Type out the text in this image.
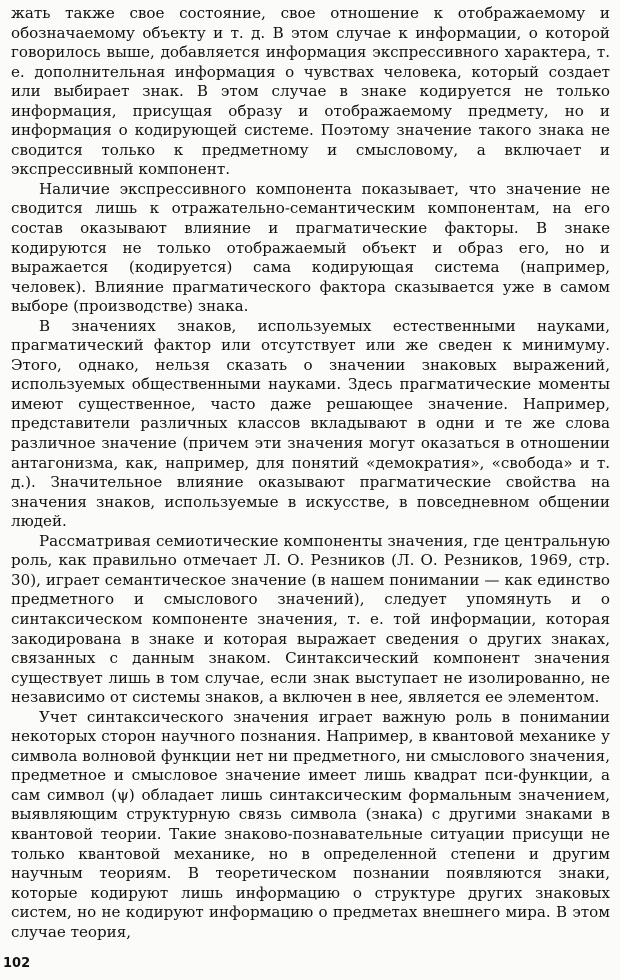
жать также свое состояние, свое отношение к отображаемому и обозначаемому объекту и т. д. В этом случае к информации, о которой говорилось выше, добавляется информация экспрессивного характера, т. е. дополнительная информация о чувствах человека, который создает или выбирает знак. В этом случае в знаке кодируется не только информация, присущая образу и отображаемому предмету, но и информация о кодирующей системе. Поэтому значение такого знака не сводится только к предметному и смысловому, а включает и экспрессивный компонент.

Наличие экспрессивного компонента показывает, что значение не сводится лишь к отражательно-семантическим компонентам, на его состав оказывают влияние и прагматические факторы. В знаке кодируются не только отображаемый объект и образ его, но и выражается (кодируется) сама кодирующая система (например, человек). Влияние прагматического фактора сказывается уже в самом выборе (производстве) знака.

В значениях знаков, используемых естественными науками, прагматический фактор или отсутствует или же сведен к минимуму. Этого, однако, нельзя сказать о значении знаковых выражений, используемых общественными науками. Здесь прагматические моменты имеют существенное, часто даже решающее значение. Например, представители различных классов вкладывают в одни и те же слова различное значение (причем эти значения могут оказаться в отношении антагонизма, как, например, для понятий «демократия», «свобода» и т. д.). Значительное влияние оказывают прагматические свойства на значения знаков, используемые в искусстве, в повседневном общении людей.

Рассматривая семиотические компоненты значения, где центральную роль, как правильно отмечает Л. О. Резников (Л. О. Резников, 1969, стр. 30), играет семантическое значение (в нашем понимании — как единство предметного и смыслового значений), следует упомянуть и о синтаксическом компоненте значения, т. е. той информации, которая закодирована в знаке и которая выражает сведения о других знаках, связанных с данным знаком. Синтаксический компонент значения существует лишь в том случае, если знак выступает не изолированно, не независимо от системы знаков, а включен в нее, является ее элементом.

Учет синтаксического значения играет важную роль в понимании некоторых сторон научного познания. Например, в квантовой механике у символа волновой функции нет ни предметного, ни смыслового значения, предметное и смысловое значение имеет лишь квадрат пси-функции, а сам символ (ψ) обладает лишь синтаксическим формальным значением, выявляющим структурную связь символа (знака) с другими знаками в квантовой теории. Такие знаково-познавательные ситуации присущи не только квантовой механике, но в определенной степени и другим научным теориям. В теоретическом познании появляются знаки, которые кодируют лишь информацию о структуре других знаковых систем, но не кодируют информацию о предметах внешнего мира. В этом случае теория,

102
